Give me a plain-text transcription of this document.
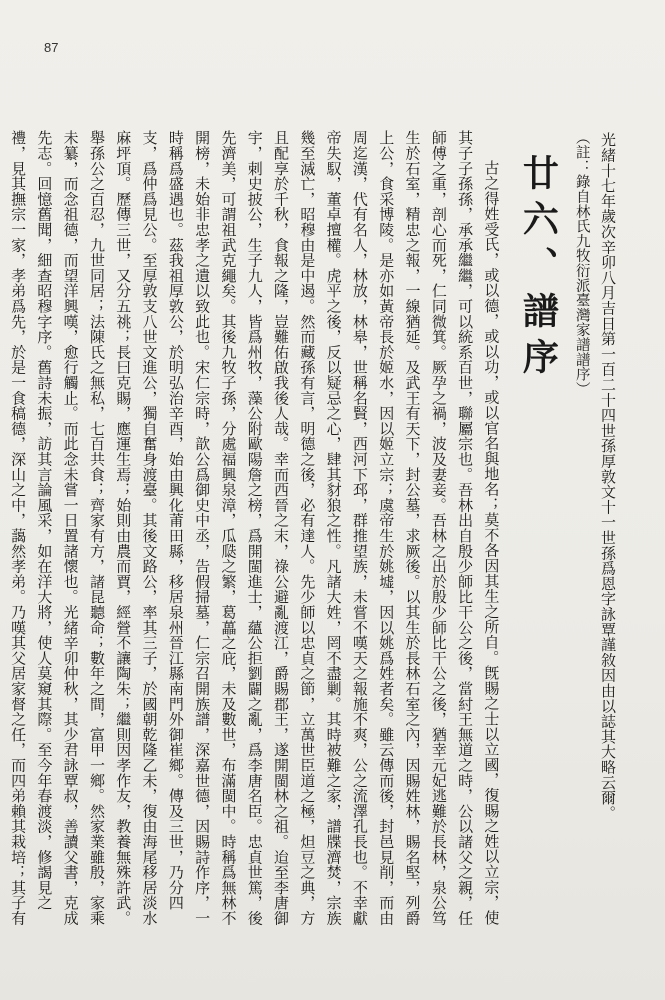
87

光緒十七年歲次辛卯八月吉日第一百二十四世孫厚敦文十一世孫爲恩字詠覃謹敘因由以誌其大略云爾。

（註：錄自林氏九牧衍派臺灣家譜譜序）

廿六、譜序

古之得姓受氏，或以德，或以功，或以官名與地名；莫不各因其生之所自。旣賜之士以立國，復賜之姓以立宗，使其子子孫孫，承承繼繼，可以統系百世，聯屬宗也。吾林出自殷少師比干公之後，當紂王無道之時，公以諸父之親，任師傅之重，剖心而死，仁同微箕。厥孕之禍，波及妻妾。吾林之出於殷少師比干公之後，猶幸元妃逃難於長林，泉公笃生於石室，精忠之報，一線猶延。及武王有天下，封公墓，求厥後。以其生於長林石室之內，因賜姓林，賜名堅，列爵上公，食采博陵。是亦如黃帝長於姬水，因以姬立宗；虞帝生於姚墟，因以姚爲姓者矣。雖云傳而後，封邑見削，而由周迄漢，代有名人，林放，林皋，世稱名賢，西河下邳，群推望族，未嘗不嘆天之報施不爽，公之流澤孔長也。不幸獻帝失馭，董卓擅權。虎平之後，反以疑忌之心，肆其豺狼之性。凡諸大姓，罔不盡剿。其時被難之家，譜牒濟焚，宗族幾至滅亡，昭穆由是中遏。然而藏孫有言，明德之後，必有達人。先少師以忠貞之節，立萬世臣道之極，炟豆之典，方且配享於千秋，食報之隆，豈難佑啟我後人哉。幸而西晉之末，祿公避亂渡江，爵賜郡王，遂開閩林之祖。迨至李唐御宇，刺史披公，生子九人，皆爲州牧，藻公附歐陽詹之榜，爲開閩進士，蘊公拒劉闢之亂，爲李唐名臣。忠貞世篤，後先濟美，可謂祖武克繩矣。其後九牧子孫，分處福興泉漳，瓜瓞之繁，葛藟之庇，未及數世，布滿閩中。時稱爲無林不開榜，未始非忠孝之遺以致此也。宋仁宗時，歆公爲御史中丞，告假掃墓，仁宗召開族譜，深嘉世德，因賜詩作序，一時稱爲盛遇也。茲我祖厚敦公，於明弘治辛酉，始由興化莆田縣，移居泉州晉江縣南門外御崔鄉。傳及三世，乃分四支，爲仲爲見公。至厚敦支八世文進公，獨自奮身渡臺。其後文路公，率其三子，於國朝乾隆乙未，復由海尾移居淡水麻坪頂。歷傳三世，又分五祧；長曰克賜，應運生焉；始則由農而賈，經營不讓陶朱；繼則因孝作友，教養無殊許武。舉孫公之百忍，九世同居；法陳氏之無私，七百共食；齊家有方，諸昆聽命；數年之間，富甲一鄉。然家業雖殷，家乘未纂，而念祖德，而望洋興嘆，愈行觸止。而此念未嘗一日置諸懷也。光緒辛卯仲秋，其少君詠覃叔，善讀父書，克成先志。回憶舊聞，細查昭穆字序。舊詩未振，訪其言論風采，如在洋大將，使人莫窺其際。至今年春渡淡，修謁見之禮，見其撫宗一家，孝弟爲先，於是一食稿德，深山之中，藹然孝弟。乃嘆其父居家督之任，而四弟賴其栽培；其子有
